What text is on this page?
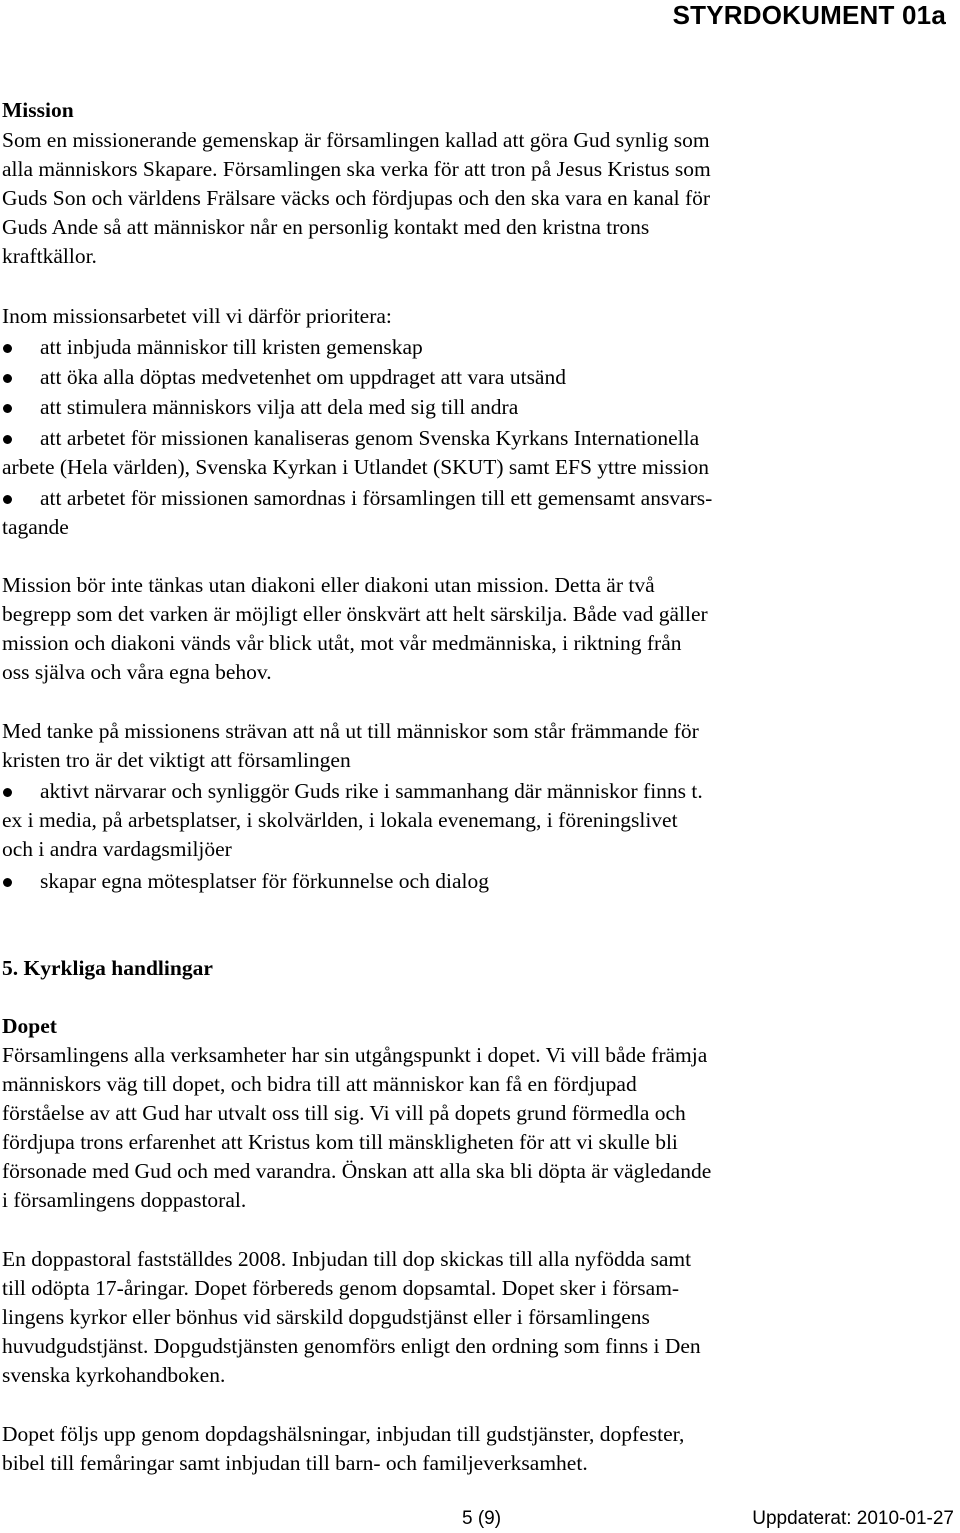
STYRDOKUMENT 01a
Mission
Som en missionerande gemenskap är församlingen kallad att göra Gud synlig som
alla människors Skapare. Församlingen ska verka för att tron på Jesus Kristus som
Guds Son och världens Frälsare väcks och fördjupas och den ska vara en kanal för
Guds Ande så att människor når en personlig kontakt med den kristna trons
kraftkällor.
Inom missionsarbetet vill vi därför prioritera:
att inbjuda människor till kristen gemenskap
att öka alla döptas medvetenhet om uppdraget att vara utsänd
att stimulera människors vilja att dela med sig till andra
att arbetet för missionen kanaliseras genom Svenska Kyrkans Internationella
arbete (Hela världen), Svenska Kyrkan i Utlandet (SKUT) samt EFS yttre mission
att arbetet för missionen samordnas i församlingen till ett gemensamt ansvars-
tagande
Mission bör inte tänkas utan diakoni eller diakoni utan mission. Detta är två
begrepp som det varken är möjligt eller önskvärt att helt särskilja. Både vad gäller
mission och diakoni vänds vår blick utåt, mot vår medmänniska, i riktning från
oss själva och våra egna behov.
Med tanke på missionens strävan att nå ut till människor som står främmande för
kristen tro är det viktigt att församlingen
aktivt närvarar och synliggör Guds rike i sammanhang där människor finns t.
ex i media, på arbetsplatser, i skolvärlden, i lokala evenemang, i föreningslivet
och i andra vardagsmiljöer
skapar egna mötesplatser för förkunnelse och dialog
5. Kyrkliga handlingar
Dopet
Församlingens alla verksamheter har sin utgångspunkt i dopet. Vi vill både främja
människors väg till dopet, och bidra till att människor kan få en fördjupad
förståelse av att Gud har utvalt oss till sig. Vi vill på dopets grund förmedla och
fördjupa trons erfarenhet att Kristus kom till mänskligheten för att vi skulle bli
försonade med Gud och med varandra. Önskan att alla ska bli döpta är vägledande
i församlingens doppastoral.
En doppastoral fastställdes 2008. Inbjudan till dop skickas till alla nyfödda samt
till odöpta 17-åringar. Dopet förbereds genom dopsamtal. Dopet sker i försam-
lingens kyrkor eller bönhus vid särskild dopgudstjänst eller i församlingens
huvudgudstjänst. Dopgudstjänsten genomförs enligt den ordning som finns i Den
svenska kyrkohandboken.
Dopet följs upp genom dopdagshälsningar, inbjudan till gudstjänster, dopfester,
bibel till femåringar samt inbjudan till barn- och familjeverksamhet.
5 (9)	Uppdaterat: 2010-01-27
